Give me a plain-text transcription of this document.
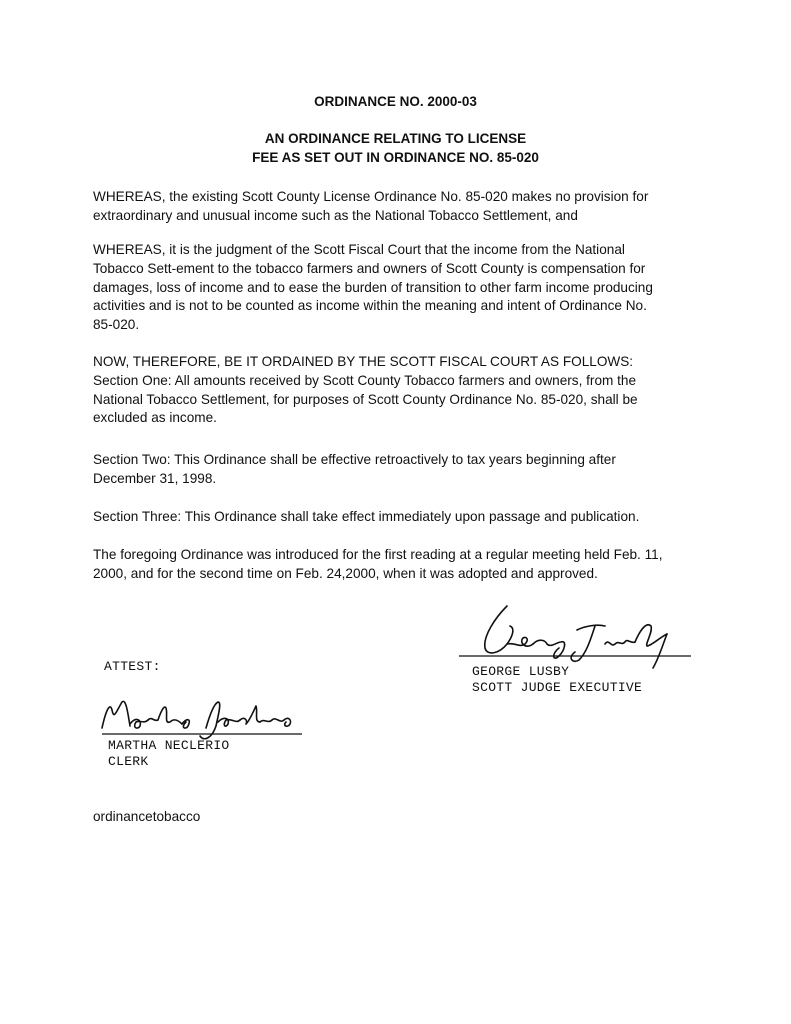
ORDINANCE NO. 2000-03
AN ORDINANCE RELATING TO LICENSE
FEE AS SET OUT IN ORDINANCE NO. 85-020
WHEREAS, the existing Scott County License Ordinance No. 85-020 makes no provision for
extraordinary and unusual income such as the National Tobacco Settlement, and
WHEREAS, it is the judgment of the Scott Fiscal Court that the income from the National
Tobacco Sett-ement to the tobacco farmers and owners of Scott County is compensation for
damages, loss of income and to ease the burden of transition to other farm income producing
activities and is not to be counted as income within the meaning and intent of Ordinance No.
85-020.
NOW, THEREFORE, BE IT ORDAINED BY THE SCOTT FISCAL COURT AS FOLLOWS:
Section One: All amounts received by Scott County Tobacco farmers and owners, from the
National Tobacco Settlement, for purposes of Scott County Ordinance No. 85-020, shall be
excluded as income.
Section Two: This Ordinance shall be effective retroactively to tax years beginning after
December 31, 1998.
Section Three: This Ordinance shall take effect immediately upon passage and publication.
The foregoing Ordinance was introduced for the first reading at a regular meeting held Feb. 11,
2000, and for the second time on Feb. 24,2000, when it was adopted and approved.
ATTEST:	GEORGE LUSBY
SCOTT JUDGE EXECUTIVE
MARTHA NECLERIO
CLERK
ordinancetobacco
